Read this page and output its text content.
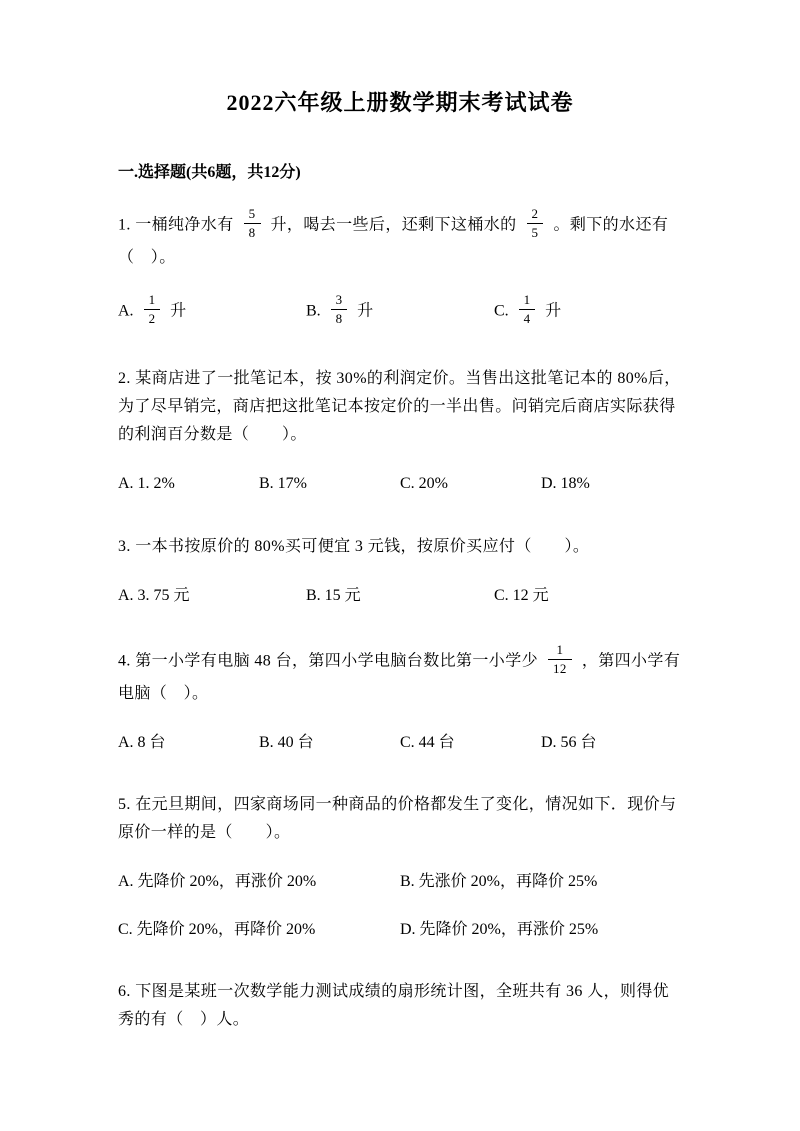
2022六年级上册数学期末考试试卷
一.选择题(共6题，共12分)
1. 一桶纯净水有 $\frac{5}{8}$ 升，喝去一些后，还剩下这桶水的 $\frac{2}{5}$ 。剩下的水还有（　）。
A. $\frac{1}{2}$ 升	B. $\frac{3}{8}$ 升	C. $\frac{1}{4}$ 升
2. 某商店进了一批笔记本，按 30%的利润定价。当售出这批笔记本的 80%后，为了尽早销完，商店把这批笔记本按定价的一半出售。问销完后商店实际获得的利润百分数是（　　）。
A. 1. 2%	B. 17%	C. 20%	D. 18%
3. 一本书按原价的 80%买可便宜 3 元钱，按原价买应付（　　）。
A. 3. 75 元	B. 15 元	C. 12 元
4. 第一小学有电脑 48 台，第四小学电脑台数比第一小学少 $\frac{1}{12}$ ，第四小学有电脑（　）。
A. 8 台	B. 40 台	C. 44 台	D. 56 台
5. 在元旦期间，四家商场同一种商品的价格都发生了变化，情况如下．现价与原价一样的是（　　）。
A. 先降价 20%，再涨价 20%	B. 先涨价 20%，再降价 25%
C. 先降价 20%，再降价 20%	D. 先降价 20%，再涨价 25%
6. 下图是某班一次数学能力测试成绩的扇形统计图，全班共有 36 人，则得优秀的有（　）人。
